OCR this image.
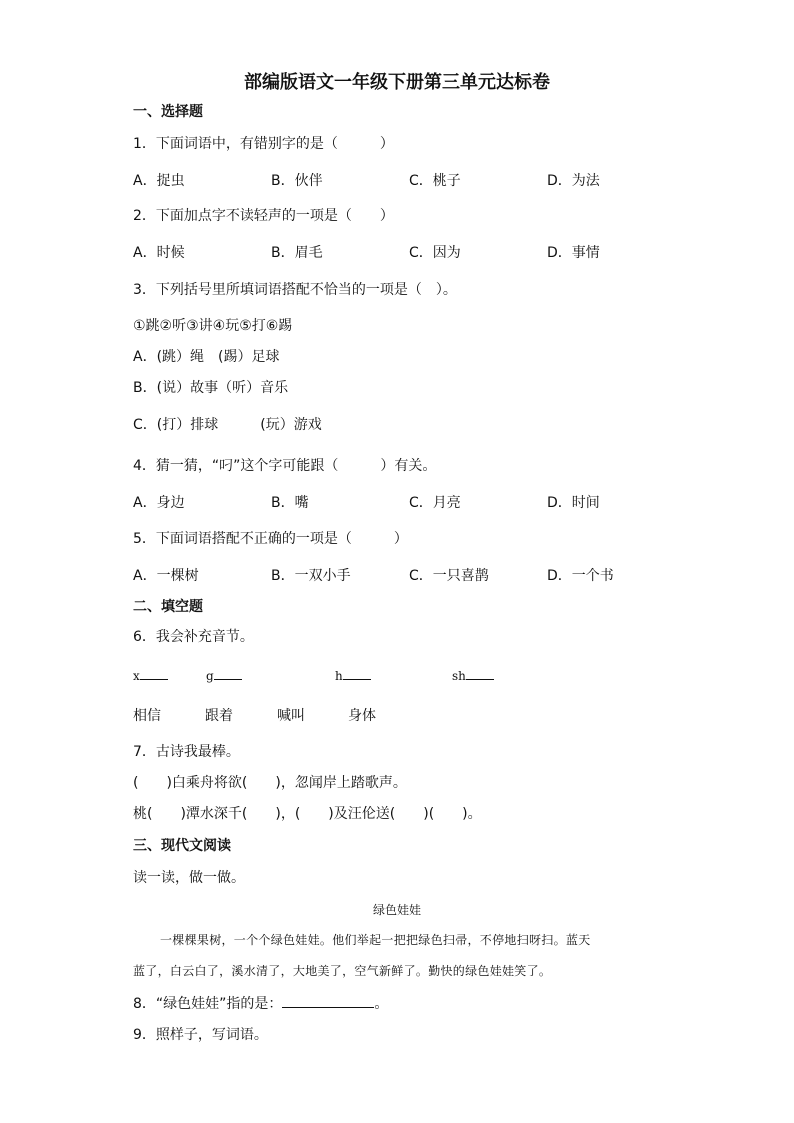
部编版语文一年级下册第三单元达标卷
一、选择题
1．下面词语中，有错别字的是（　　　）
A．捉虫	B．伙伴	C．桃子	D．为法
2．下面加点字不读轻声的一项是（　　）
A．时候	B．眉毛	C．因为	D．事情
3．下列括号里所填词语搭配不恰当的一项是（　）。
①跳②听③讲④玩⑤打⑥踢
A．(跳）绳　(踢）足球
B．(说）故事（听）音乐
C．(打）排球　　　(玩）游戏
4．猜一猜，“叼”这个字可能跟（　　　）有关。
A．身边	B．嘴	C．月亮	D．时间
5．下面词语搭配不正确的一项是（　　　）
A．一棵树	B．一双小手	C．一只喜鹊	D．一个书
二、填空题
6．我会补充音节。
x	g	h	sh
相信	跟着	喊叫	身体
7．古诗我最棒。
(　　)白乘舟将欲(　　)，忽闻岸上踏歌声。
桃(　　)潭水深千(　　)，(　　)及汪伦送(　　)(　　)。
三、现代文阅读
读一读，做一做。
绿色娃娃
一棵棵果树，一个个绿色娃娃。他们举起一把把绿色扫帚，不停地扫呀扫。蓝天
蓝了，白云白了，溪水清了，大地美了，空气新鲜了。勤快的绿色娃娃笑了。
8．“绿色娃娃”指的是：	。
9．照样子，写词语。
